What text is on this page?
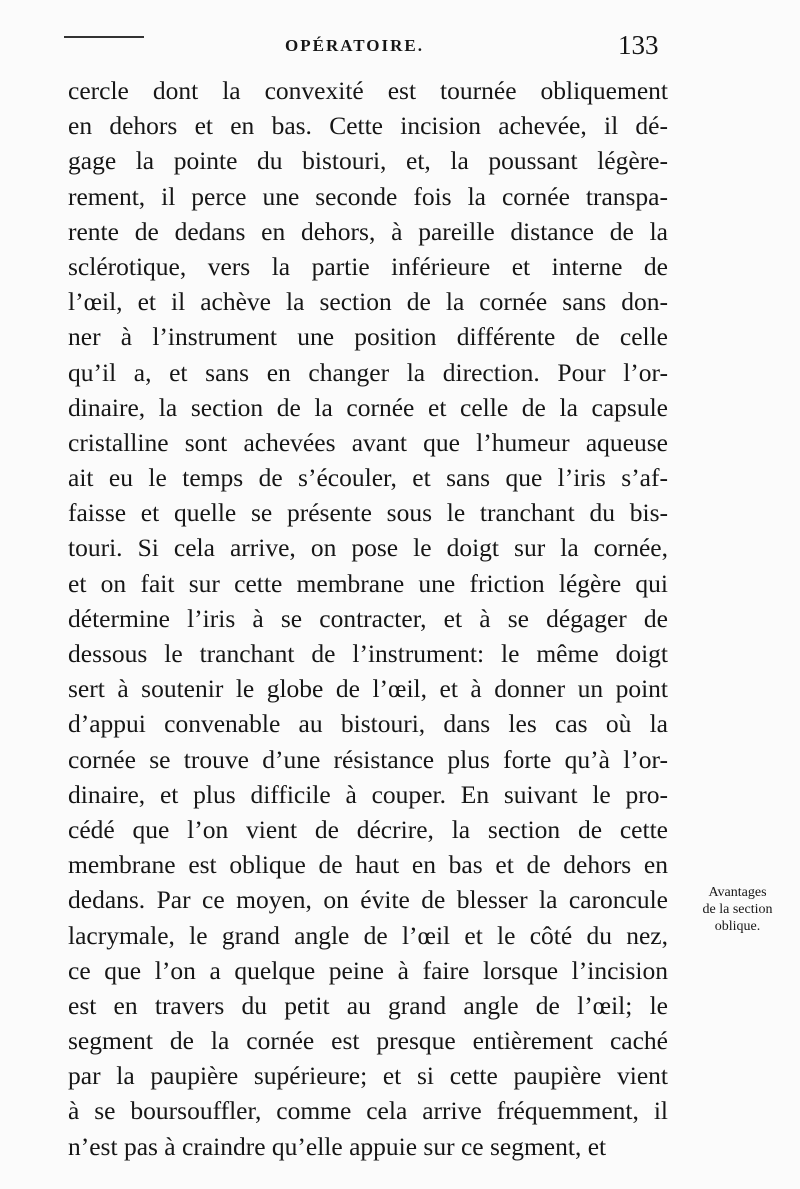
OPÉRATOIRE.	133
cercle dont la convexité est tournée obliquement
en dehors et en bas. Cette incision achevée, il dé-
gage la pointe du bistouri, et, la poussant légère-
rement, il perce une seconde fois la cornée transpa-
rente de dedans en dehors, à pareille distance de la
sclérotique, vers la partie inférieure et interne de
l’œil, et il achève la section de la cornée sans don-
ner à l’instrument une position différente de celle
qu’il a, et sans en changer la direction. Pour l’or-
dinaire, la section de la cornée et celle de la capsule
cristalline sont achevées avant que l’humeur aqueuse
ait eu le temps de s’écouler, et sans que l’iris s’af-
faisse et quelle se présente sous le tranchant du bis-
touri. Si cela arrive, on pose le doigt sur la cornée,
et on fait sur cette membrane une friction légère qui
détermine l’iris à se contracter, et à se dégager de
dessous le tranchant de l’instrument: le même doigt
sert à soutenir le globe de l’œil, et à donner un point
d’appui convenable au bistouri, dans les cas où la
cornée se trouve d’une résistance plus forte qu’à l’or-
dinaire, et plus difficile à couper. En suivant le pro-
cédé que l’on vient de décrire, la section de cette
membrane est oblique de haut en bas et de dehors en
dedans. Par ce moyen, on évite de blesser la caroncule
lacrymale, le grand angle de l’œil et le côté du nez,
ce que l’on a quelque peine à faire lorsque l’incision
est en travers du petit au grand angle de l’œil; le
segment de la cornée est presque entièrement caché
par la paupière supérieure; et si cette paupière vient
à se boursouffler, comme cela arrive fréquemment, il
n’est pas à craindre qu’elle appuie sur ce segment, et
Avantages
de la section
oblique.
